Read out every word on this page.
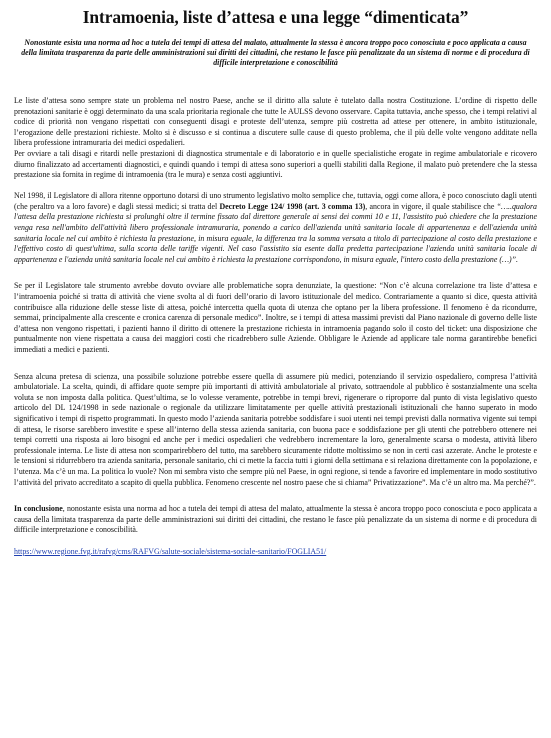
Intramoenia, liste d’attesa e una legge “dimenticata”
Nonostante esista una norma ad hoc a tutela dei tempi di attesa del malato, attualmente la stessa è ancora troppo poco conosciuta e poco applicata a causa della limitata trasparenza da parte delle amministrazioni sui diritti dei cittadini, che restano le fasce più penalizzate da un sistema di norme e di procedura di difficile interpretazione e conoscibilità

Le liste d’attesa sono sempre state un problema nel nostro Paese, anche se il diritto alla salute è tutelato dalla nostra Costituzione. L’ordine di rispetto delle prenotazioni sanitarie è oggi determinato da una scala prioritaria regionale che tutte le AULSS devono osservare. Capita tuttavia, anche spesso, che i tempi relativi al codice di priorità non vengano rispettati con conseguenti disagi e proteste dell’utenza, sempre più costretta ad attese per ottenere, in ambito istituzionale, l’erogazione delle prestazioni richieste. Molto si è discusso e si continua a discutere sulle cause di questo problema, che il più delle volte vengono additate nella libera professione intramuraria dei medici ospedalieri.

Per ovviare a tali disagi e ritardi nelle prestazioni di diagnostica strumentale e di laboratorio e in quelle specialistiche erogate in regime ambulatoriale e ricovero diurno finalizzato ad accertamenti diagnostici, e quindi quando i tempi di attesa sono superiori a quelli stabiliti dalla Regione, il malato può pretendere che la stessa prestazione sia fornita in regime di intramoenia (tra le mura) e senza costi aggiuntivi.

Nel 1998, il Legislatore di allora ritenne opportuno dotarsi di uno strumento legislativo molto semplice che, tuttavia, oggi come allora, è poco conosciuto dagli utenti (che peraltro va a loro favore) e dagli stessi medici; si tratta del Decreto Legge 124/ 1998 (art. 3 comma 13), ancora in vigore, il quale stabilisce che “…..qualora l'attesa della prestazione richiesta si prolunghi oltre il termine fissato dal direttore generale ai sensi dei commi 10 e 11, l'assistito può chiedere che la prestazione venga resa nell'ambito dell'attività libero professionale intramuraria, ponendo a carico dell'azienda unità sanitaria locale di appartenenza e dell'azienda unità sanitaria locale nel cui ambito è richiesta la prestazione, in misura eguale, la differenza tra la somma versata a titolo di partecipazione al costo della prestazione e l'effettivo costo di quest'ultima, sulla scorta delle tariffe vigenti. Nel caso l'assistito sia esente dalla predetta partecipazione l'azienda unità sanitaria locale di appartenenza e l'azienda unità sanitaria locale nel cui ambito è richiesta la prestazione corrispondono, in misura eguale, l'intero costo della prestazione (…)”.

Se per il Legislatore tale strumento avrebbe dovuto ovviare alle problematiche sopra denunziate, la questione: “Non c’è alcuna correlazione tra liste d’attesa e l’intramoenia poiché si tratta di attività che viene svolta al di fuori dell’orario di lavoro istituzionale del medico. Contrariamente a quanto si dice, questa attività contribuisce alla riduzione delle stesse liste di attesa, poiché intercetta quella quota di utenza che optano per la libera professione. Il fenomeno è da ricondurre, semmai, principalmente alla crescente e cronica carenza di personale medico”. Inoltre, se i tempi di attesa massimi previsti dal Piano nazionale di governo delle liste d’attesa non vengono rispettati, i pazienti hanno il diritto di ottenere la prestazione richiesta in intramoenia pagando solo il costo del ticket: una disposizione che puntualmente non viene rispettata a causa dei maggiori costi che ricadrebbero sulle Aziende. Obbligare le Aziende ad applicare tale norma garantirebbe benefici immediati a medici e pazienti.

Senza alcuna pretesa di scienza, una possibile soluzione potrebbe essere quella di assumere più medici, potenziando il servizio ospedaliero, compresa l’attività ambulatoriale. La scelta, quindi, di affidare quote sempre più importanti di attività ambulatoriale al privato, sottraendole al pubblico è sostanzialmente una scelta voluta se non imposta dalla politica. Quest’ultima, se lo volesse veramente, potrebbe in tempi brevi, rigenerare o riproporre dal punto di vista legislativo questo articolo del DL 124/1998 in sede nazionale o regionale da utilizzare limitatamente per quelle attività prestazionali istituzionali che hanno superato in modo significativo i tempi di rispetto programmati. In questo modo l’azienda sanitaria potrebbe soddisfare i suoi utenti nei tempi previsti dalla normativa vigente sui tempi di attesa, le risorse sarebbero investite e spese all’interno della stessa azienda sanitaria, con buona pace e soddisfazione per gli utenti che potrebbero ottenere nei tempi corretti una risposta ai loro bisogni ed anche per i medici ospedalieri che vedrebbero incrementare la loro, generalmente scarsa o modesta, attività libero professionale interna. Le liste di attesa non scomparirebbero del tutto, ma sarebbero sicuramente ridotte moltissimo se non in certi casi azzerate. Anche le proteste e le tensioni si ridurrebbero tra azienda sanitaria, personale sanitario, chi ci mette la faccia tutti i giorni della settimana e si relaziona direttamente con la popolazione, e l’utenza. Ma c’è un ma. La politica lo vuole? Non mi sembra visto che sempre più nel Paese, in ogni regione, si tende a favorire ed implementare in modo sostitutivo l’attività del privato accreditato a scapito di quella pubblica. Fenomeno crescente nel nostro paese che si chiama” Privatizzazione”. Ma c’è un altro ma. Ma perché?”.

In conclusione, nonostante esista una norma ad hoc a tutela dei tempi di attesa del malato, attualmente la stessa è ancora troppo poco conosciuta e poco applicata a causa della limitata trasparenza da parte delle amministrazioni sui diritti dei cittadini, che restano le fasce più penalizzate da un sistema di norme e di procedura di difficile interpretazione e conoscibilità.

https://www.regione.fvg.it/rafvg/cms/RAFVG/salute-sociale/sistema-sociale-sanitario/FOGLIA51/
